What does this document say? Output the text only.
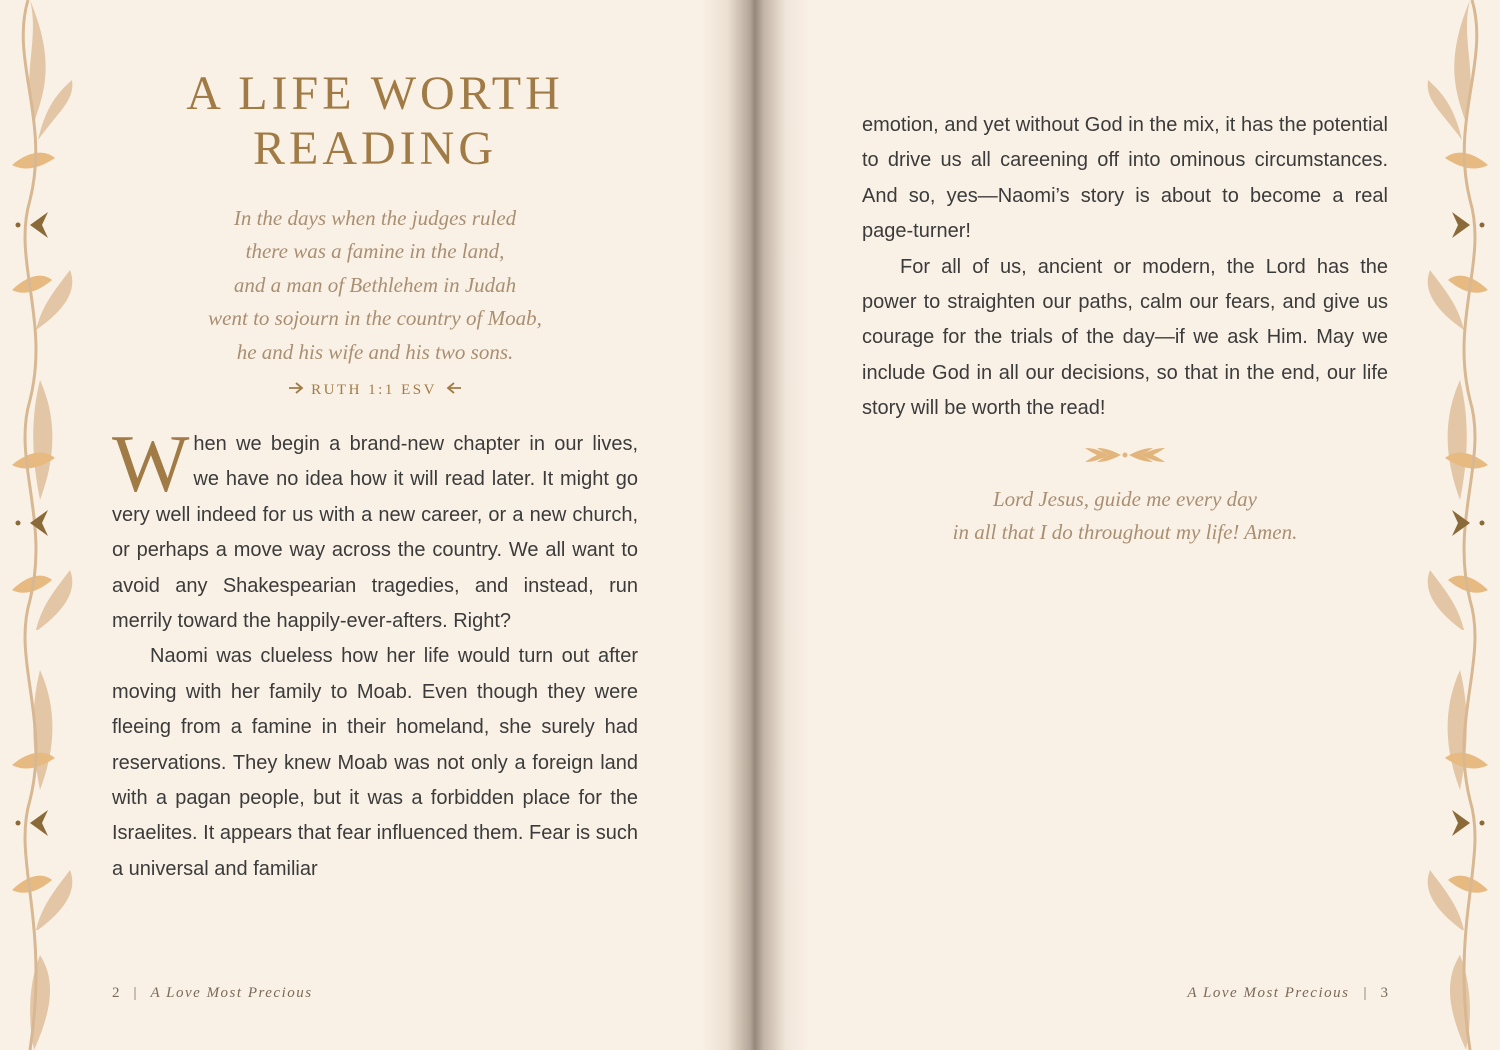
A LIFE WORTH
READING
In the days when the judges ruled
there was a famine in the land,
and a man of Bethlehem in Judah
went to sojourn in the country of Moab,
he and his wife and his two sons.
RUTH 1:1 ESV

When we begin a brand-new chapter in our lives, we have no idea how it will read later. It might go very well indeed for us with a new career, or a new church, or perhaps a move way across the country. We all want to avoid any Shakespearian tragedies, and instead, run merrily toward the happily-ever-afters. Right?

Naomi was clueless how her life would turn out after moving with her family to Moab. Even though they were fleeing from a famine in their homeland, she surely had reservations. They knew Moab was not only a foreign land with a pagan people, but it was a forbidden place for the Israelites. It appears that fear influenced them. Fear is such a universal and familiar

2 | A Love Most Precious

emotion, and yet without God in the mix, it has the potential to drive us all careening off into ominous circumstances. And so, yes—Naomi’s story is about to become a real page-turner!

For all of us, ancient or modern, the Lord has the power to straighten our paths, calm our fears, and give us courage for the trials of the day—if we ask Him. May we include God in all our decisions, so that in the end, our life story will be worth the read!

Lord Jesus, guide me every day
in all that I do throughout my life! Amen.
A Love Most Precious | 3
